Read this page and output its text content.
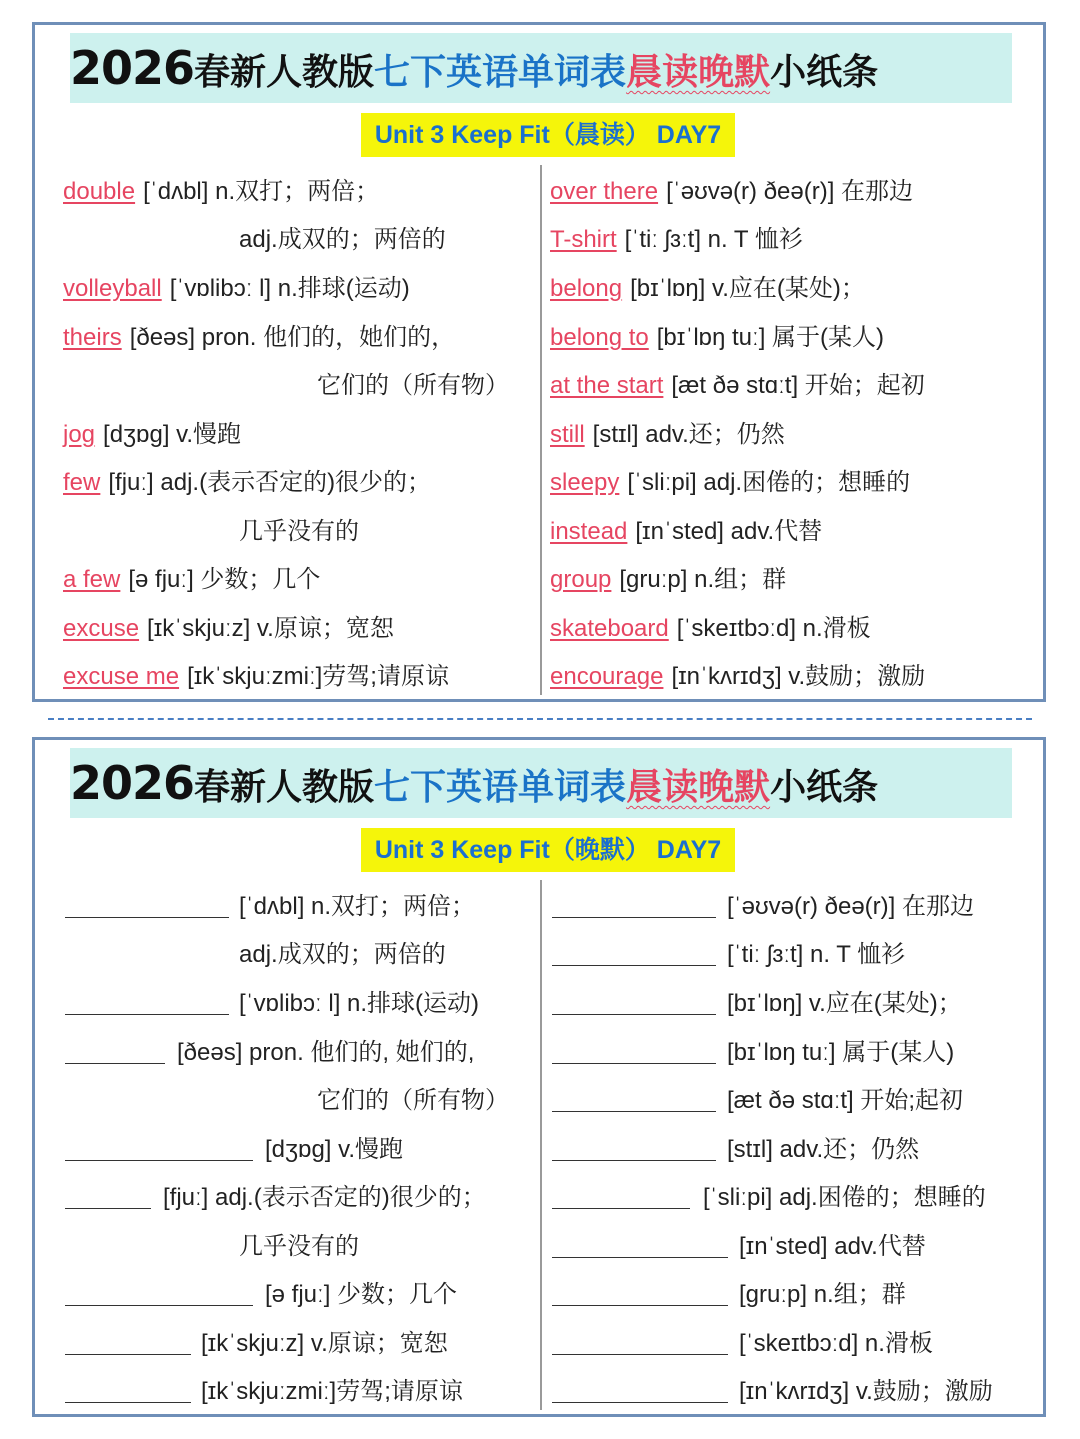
2026春新人教版七下英语单词表晨读晚默小纸条
Unit 3 Keep Fit（晨读） DAY7
double [ˈdʌbl] n.双打；两倍；
adj.成双的；两倍的
volleyball [ˈvɒlibɔː l] n.排球(运动)
theirs [ðeəs] pron. 他们的，她们的，
它们的（所有物）
jog [dʒɒg] v.慢跑
few [fjuː] adj.(表示否定的)很少的；
几乎没有的
a few [ə fjuː] 少数；几个
excuse [ɪkˈskjuːz] v.原谅；宽恕
excuse me [ɪkˈskjuːzmiː]劳驾;请原谅
over there [ˈəʊvə(r) ðeə(r)] 在那边
T-shirt [ˈtiː ʃɜːt] n. T 恤衫
belong [bɪˈlɒŋ] v.应在(某处)；
belong to [bɪˈlɒŋ tuː] 属于(某人)
at the start [æt ðə stɑːt] 开始；起初
still [stɪl] adv.还；仍然
sleepy [ˈsliːpi] adj.困倦的；想睡的
instead [ɪnˈsted] adv.代替
group [gruːp] n.组；群
skateboard [ˈskeɪtbɔːd] n.滑板
encourage [ɪnˈkʌrɪdʒ] v.鼓励；激励
2026春新人教版七下英语单词表晨读晚默小纸条
Unit 3 Keep Fit（晚默） DAY7
[ˈdʌbl] n.双打；两倍；
adj.成双的；两倍的
[ˈvɒlibɔː l] n.排球(运动)
[ðeəs] pron. 他们的, 她们的,
它们的（所有物）
[dʒɒg] v.慢跑
[fjuː] adj.(表示否定的)很少的；
几乎没有的
[ə fjuː] 少数；几个
[ɪkˈskjuːz] v.原谅；宽恕
[ɪkˈskjuːzmiː]劳驾;请原谅
[ˈəʊvə(r) ðeə(r)] 在那边
[ˈtiː ʃɜːt] n. T 恤衫
[bɪˈlɒŋ] v.应在(某处)；
[bɪˈlɒŋ tuː] 属于(某人)
[æt ðə stɑːt] 开始;起初
[stɪl] adv.还；仍然
[ˈsliːpi] adj.困倦的；想睡的
[ɪnˈsted] adv.代替
[gruːp] n.组；群
[ˈskeɪtbɔːd] n.滑板
[ɪnˈkʌrɪdʒ] v.鼓励；激励
